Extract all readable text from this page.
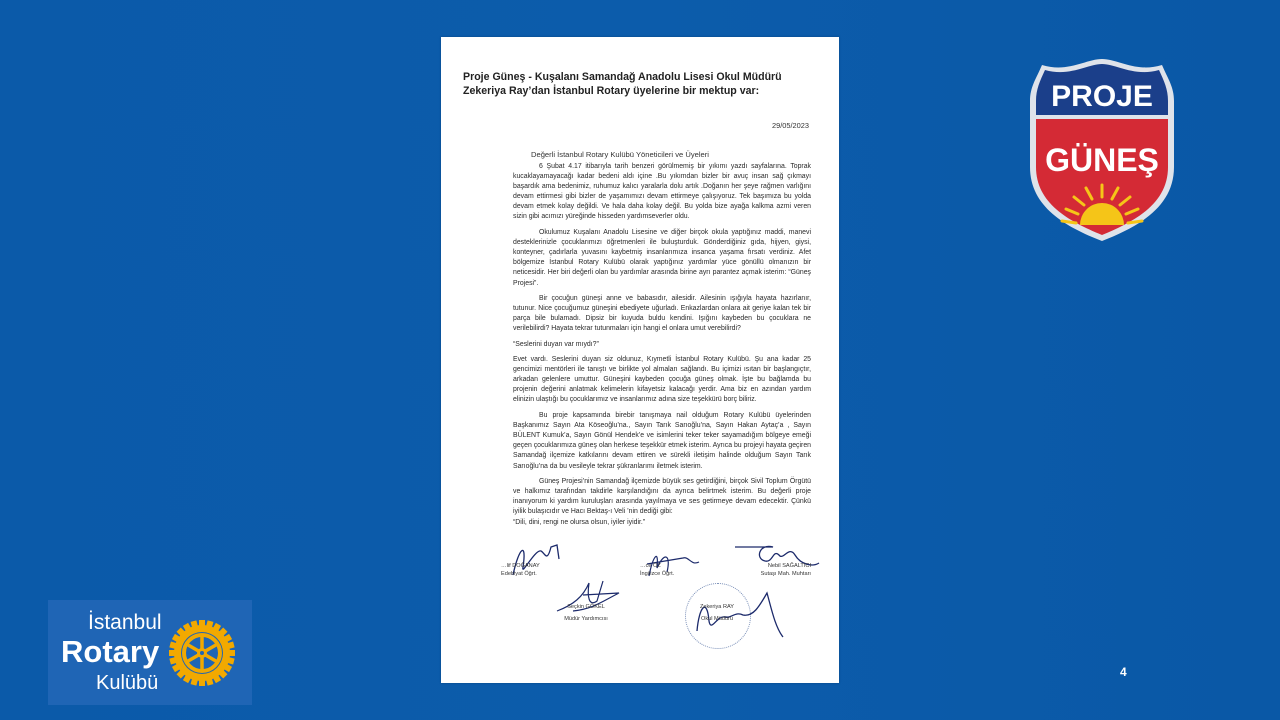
Proje Güneş - Kuşalanı Samandağ Anadolu Lisesi Okul Müdürü
Zekeriya Ray’dan İstanbul Rotary üyelerine bir mektup var:
29/05/2023
Değerli İstanbul Rotary Kulübü Yöneticileri ve Üyeleri

6 Şubat 4.17 itibarıyla tarih benzeri görülmemiş bir yıkımı yazdı sayfalarına. Toprak kucaklayamayacağı kadar bedeni aldı içine .Bu yıkımdan bizler bir avuç insan sağ çıkmayı başardık ama bedenimiz, ruhumuz kalıcı yaralarla dolu artık .Doğanın her şeye rağmen varlığını devam ettirmesi gibi bizler de yaşamımızı devam ettirmeye çalışıyoruz. Tek başımıza bu yolda devam etmek kolay değildi. Ve hala daha kolay değil. Bu yolda bize ayağa kalkma azmi veren sizin gibi acımızı yüreğinde hisseden yardımseverler oldu.

Okulumuz Kuşalanı Anadolu Lisesine ve diğer birçok okula yaptığınız maddi, manevi desteklerinizle çocuklarımızı öğretmenleri ile buluşturduk. Gönderdiğiniz gıda, hijyen, giysi, konteyner, çadırlarla yuvasını kaybetmiş insanlarımıza insanca yaşama fırsatı verdiniz. Afet bölgemize İstanbul Rotary Kulübü olarak yaptığınız yardımlar yüce gönüllü olmanızın bir neticesidir. Her biri değerli olan bu yardımlar arasında birine ayrı parantez açmak isterim: “Güneş Projesi”.

Bir çocuğun güneşi anne ve babasıdır, ailesidir. Ailesinin ışığıyla hayata hazırlanır, tutunur. Nice çocuğumuz güneşini ebediyete uğurladı. Enkazlardan onlara ait geriye kalan tek bir parça bile bulamadı. Dipsiz bir kuyuda buldu kendini. Işığını kaybeden bu çocuklara ne verilebilirdi? Hayata tekrar tutunmaları için hangi el onlara umut verebilirdi?

“Seslerini duyan var mıydı?”

Evet vardı. Seslerini duyan siz oldunuz, Kıymetli İstanbul Rotary Kulübü. Şu ana kadar 25 gencimizi mentörleri ile tanıştı ve birlikte yol almaları sağlandı. Bu içimizi ısıtan bir başlangıçtır, arkadan gelenlere umuttur. Güneşini kaybeden çocuğa güneş olmak. İşte bu bağlamda bu projenin değerini anlatmak kelimelerin kifayetsiz kalacağı yerdir. Ama biz en azından yardım elinizin ulaştığı bu çocuklarımız ve insanlarımız adına size teşekkürü borç biliriz.

Bu proje kapsamında birebir tanışmaya nail olduğum Rotary Kulübü üyelerinden Başkanımız Sayın Ata Köseoğlu’na., Sayın Tarık Sarıoğlu’na, Sayın Hakan Aytaç’a , Sayın BÜLENT Kumuk’a, Sayın Gönül Hendek’e ve isimlerini teker teker sayamadığım bölgeye emeği geçen çocuklarımıza güneş olan herkese teşekkür etmek isterim. Ayrıca bu projeyi hayata geçiren Samandağ ilçemize katkılarını devam ettiren ve sürekli iletişim halinde olduğum Sayın Tarık Sarıoğlu’na da bu vesileyle tekrar şükranlarımı iletmek isterim.

Güneş Projesi’nin Samandağ ilçemizde büyük ses getirdiğini, birçok Sivil Toplum Örgütü ve halkımız tarafından takdirle karşılandığını da ayrıca belirtmek isterim. Bu değerli proje inanıyorum ki yardım kuruluşları arasında yayılmaya ve ses getirmeye devam edecektir. Çünkü iyilik bulaşıcıdır ve Hacı Bektaş-ı Veli ’nin dediği gibi:

“Dili, dini, rengi ne olursa olsun, iyiler iyidir.”

…lif DOĞANAY
Edebiyat Öğrt.
…ce ÖZ
İngilizce Öğrt.
Nebil SAĞALTICI
Sutaşı Mah. Muhtarı
Seçkin GÖKEL
Müdür Yardımcısı
Zekeriya RAY
Okul Müdürü
PROJE
GÜNEŞ
İstanbul
Rotary
Kulübü	4
